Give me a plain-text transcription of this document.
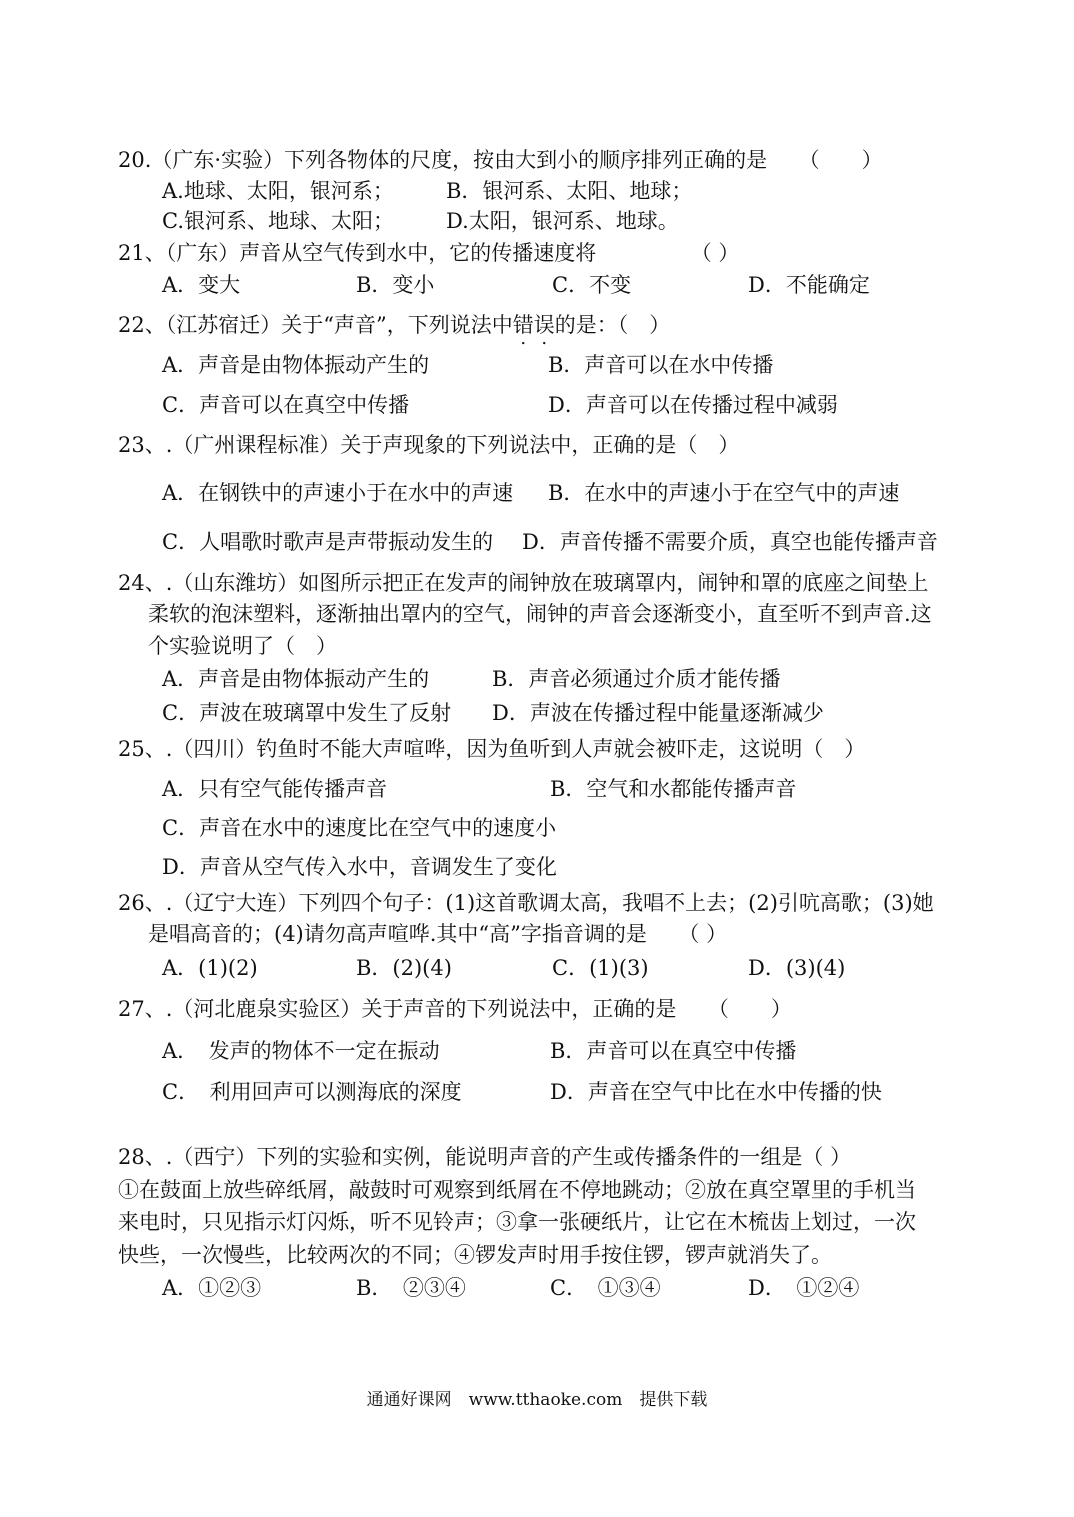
20.（广东·实验）下列各物体的尺度，按由大到小的顺序排列正确的是　　（　　）
A.地球、太阳，银河系； B．银河系、太阳、地球；
C.银河系、地球、太阳； D.太阳，银河系、地球。
21、（广东）声音从空气传到水中，它的传播速度将　　　　　（ ）
A．变大	B．变小	C．不变	D．不能确定
22、（江苏宿迁）关于“声音”，下列说法中错误的是：（　）
A．声音是由物体振动产生的	B．声音可以在水中传播
C．声音可以在真空中传播	D．声音可以在传播过程中减弱
23、.（广州课程标准）关于声现象的下列说法中，正确的是（　）
A．在钢铁中的声速小于在水中的声速 B．在水中的声速小于在空气中的声速
C．人唱歌时歌声是声带振动发生的 D．声音传播不需要介质，真空也能传播声音
24、.（山东潍坊）如图所示把正在发声的闹钟放在玻璃罩内，闹钟和罩的底座之间垫上
柔软的泡沫塑料，逐渐抽出罩内的空气，闹钟的声音会逐渐变小，直至听不到声音.这
个实验说明了（　）
A．声音是由物体振动产生的	B．声音必须通过介质才能传播
C．声波在玻璃罩中发生了反射 D．声波在传播过程中能量逐渐减少
25、.（四川）钓鱼时不能大声喧哗，因为鱼听到人声就会被吓走，这说明（　）
A．只有空气能传播声音	B．空气和水都能传播声音
C．声音在水中的速度比在空气中的速度小
D．声音从空气传入水中，音调发生了变化
26、.（辽宁大连）下列四个句子：(1)这首歌调太高，我唱不上去；(2)引吭高歌；(3)她
是唱高音的；(4)请勿高声喧哗.其中“高”字指音调的是　　（ ）
A．(1)(2)	B．(2)(4)	C．(1)(3)	D．(3)(4)
27、.（河北鹿泉实验区）关于声音的下列说法中，正确的是　　（　　）
A．　发声的物体不一定在振动	B．声音可以在真空中传播
C．　利用回声可以测海底的深度	D．声音在空气中比在水中传播的快
28、.（西宁）下列的实验和实例，能说明声音的产生或传播条件的一组是（ ）
①在鼓面上放些碎纸屑，敲鼓时可观察到纸屑在不停地跳动；②放在真空罩里的手机当
来电时，只见指示灯闪烁，听不见铃声；③拿一张硬纸片，让它在木梳齿上划过，一次
快些，一次慢些，比较两次的不同；④锣发声时用手按住锣，锣声就消失了。
A．①②③	B．　②③④	C．　①③④	D．　①②④
通通好课网　www.tthaoke.com　提供下载
